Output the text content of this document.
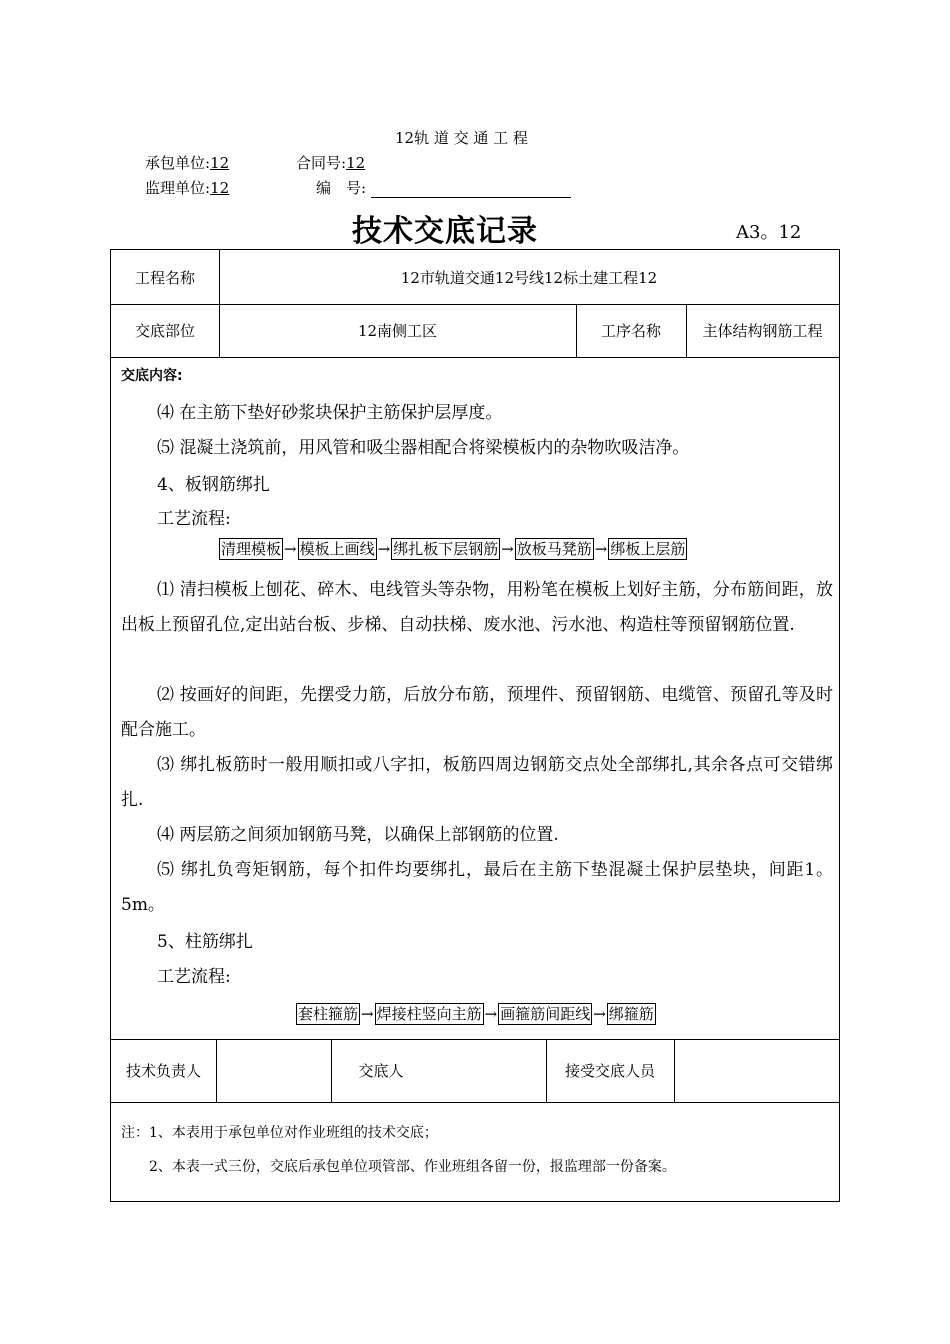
12轨 道 交 通 工 程
承包单位:12	合同号:12
监理单位:12	编　号:
技术交底记录	A3。12
工程名称	12市轨道交通12号线12标土建工程12
交底部位	12南侧工区	工序名称	主体结构钢筋工程
交底内容:
⑷ 在主筋下垫好砂浆块保护主筋保护层厚度。
⑸ 混凝土浇筑前，用风管和吸尘器相配合将梁模板内的杂物吹吸洁净。
4、板钢筋绑扎
工艺流程:
清理模板 → 模板上画线 → 绑扎板下层钢筋 → 放板马凳筋 → 绑板上层筋
⑴ 清扫模板上刨花、碎木、电线管头等杂物，用粉笔在模板上划好主筋，分布筋间距，放出板上预留孔位,定出站台板、步梯、自动扶梯、废水池、污水池、构造柱等预留钢筋位置.
⑵ 按画好的间距，先摆受力筋，后放分布筋，预埋件、预留钢筋、电缆管、预留孔等及时配合施工。
⑶ 绑扎板筋时一般用顺扣或八字扣，板筋四周边钢筋交点处全部绑扎,其余各点可交错绑扎.
⑷ 两层筋之间须加钢筋马凳，以确保上部钢筋的位置.
⑸ 绑扎负弯矩钢筋，每个扣件均要绑扎，最后在主筋下垫混凝土保护层垫块，间距1。5m。
5、柱筋绑扎
工艺流程:
套柱箍筋 → 焊接柱竖向主筋 → 画箍筋间距线 → 绑箍筋
技术负责人	交底人	接受交底人员
注：1、本表用于承包单位对作业班组的技术交底；
2、本表一式三份，交底后承包单位项管部、作业班组各留一份，报监理部一份备案。
